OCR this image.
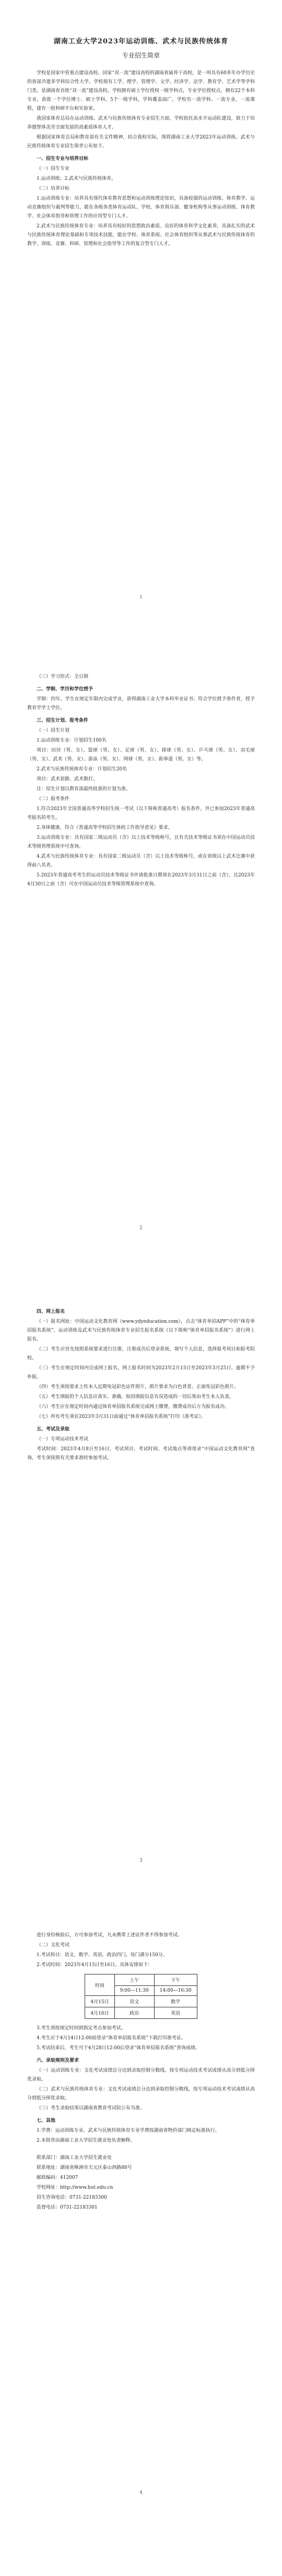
湖南工业大学2023年运动训练、武术与民族传统体育
专业招生简章

学校是国家中管重点建设高校、国家“双一流”建设高校的湖南省属骨干高校，是一所具有60多年办学历史的省部共建多学科综合性大学。学校现有工学、理学、管理学、文学、经济学、法学、教育学、艺术学等学科门类，是湖南省首批“双一流”建设高校，学校拥有硕士学位授权一级学科点，专业学位授权点，拥有22个本科专业，获批一个学位博士、硕士学科，5个一级学科，学科覆盖面广，学校有一流学科、一流专业、一流课程，建有一批科研平台和实验室。

我国家体育总局在运动训练、武术与民族传统体育专业招生方面，学校依托高水平运动队建设，致力于培养德智体美劳全面发展的高素质体育人才。

根据国家体育总局和教育部有关文件精神，结合我校实际，现将湖南工业大学2023年运动训练、武术与民族传统体育专业招生简章公布如下。

一、招生专业与培养目标
（一）招生专业

1.运动训练；2.武术与民族传统体育。

（二）培养目标

1.运动训练专业：培养具有现代体育教育思想和运动训练理论知识，具备较强的运动训练、体育教学、运动竞赛组织与裁判等能力，能在各级各类体育运动队、学校、体育俱乐部、健身机构等从事运动训练、体育教学、社会体育指导和管理工作的应用型专门人才。

2.武术与民族传统体育专业：培养具有较好的思想政治素质、良好的体育科学文化素养，具备扎实的武术与民族传统体育理论基础和专项技术技能，能在学校、体育系统、社会体育组织等从事武术与民族传统体育的教学、训练、竞赛、科研、管理和社会指导等工作的复合型专门人才。

1
（三）学习形式：全日制
二、学制、学历和学位授予

学制：四年。学生在规定年限内完成学业，获得湖南工业大学本科毕业证书；符合学位授予条件者，授予教育学学士学位。

三、招生计划、报考条件
（一）招生计划

1.运动训练专业：计划招生100名

项目：田径（男、女）、篮球（男、女）、足球（男、女）、排球（男、女）、乒乓球（男、女）、羽毛球（男、女）、武术（男、女）、游泳（男、女）、网球（男、女）、跆拳道（男、女）等。

2.武术与民族传统体育专业：计划招生20名

项目：武术套路、武术散打。

注：招生计划以教育部最终批准的计划为准。

（二）报考条件

1.符合2023年全国普通高等学校招生统一考试（以下简称普通高考）报名条件，并已参加2023年普通高考报名的考生。

2.身体健康，符合《普通高等学校招生体检工作指导意见》要求。

3.运动训练专业：具有国家二级运动员（含）以上技术等级称号，且有关技术等级证书须在中国运动员技术等级管理系统中可查询。

4.武术与民族传统体育专业：具有国家二级运动员（含）以上技术等级称号，或在省级以上武术比赛中获得前八名者。

5.2023年普通高考考生的运动员技术等级证书申请批准日期须在2023年3月31日之前（含），且2023年4月30日之前（含）可在中国运动员技术等级管理系统中查询。

2
四、网上报名

（一）报名网址：中国运动文化教育网（www.ydyeducation.com），点击“体育单招APP”中的“体育单招报名系统”，运动训练及武术与民族传统体育专业招生报名系统（以下简称“体育单招报名系统”）进行网上报名。

（二）考生应首先按照系统要求进行注册，注册成功后登录系统，填写个人信息，选择报考项目和报考院校。

（三）考生在规定时间内完成网上报名，网上报名时间为2023年2月15日至2023年3月25日。逾期不予补报。

（四）考生须按要求上传本人近期免冠彩色证件照片，照片要求为白色背景、正面免冠彩色照片。

（五）考生填报的个人信息应真实、准确，如因填报信息有误造成的一切后果由考生本人负责。

（六）考生应在规定时间内通过体育单招报名系统完成网上缴费，缴费成功后方为报名成功。

（七）所有考生须在2023年3月31日前通过“体育单招报名系统”打印《准考证》。

五、考试及录取
（一）专项运动技术考试

考试时间：2023年4月8日至16日。考试项目、考试时间、考试地点等请登录“中国运动文化教育网”查询，考生须按照有关要求准时参加考试。

3

进行身份核验后，方可参加考试，凡未携带上述证件者不得参加考试。

（二）文化考试

1.考试科目：语文、数学、英语、政治四门，每门满分150分。

2.考试时间：2023年4月15日至16日。具体安排如下：

时间	上午	下午
	9:00—11:30	14:00—16:30
4月15日	语文	数学
4月16日	政治	英语

3.考生须按规定时间到指定考点参加考试。

4.考生应于4月14日12:00前登录“体育单招报名系统”下载打印准考证。

5.考试结束后，考生可于4月28日12:00后登录“体育单招报名系统”查询成绩。

六、录取规则及要求

（一）运动训练专业：文化考试成绩总分达到录取控制分数线，按专项运动技术考试成绩从高分到低分择优录取。

（二）武术与民族传统体育专业：文化考试成绩总分达到录取控制分数线，按专项运动技术考试成绩从高分到低分择优录取。

（三）考生录取结果以湖南省教育考试院公布为准。

七、其他

1.学费：运动训练专业、武术与民族传统体育专业学费按湖南省物价部门核定标准执行。

2.本简章由湖南工业大学招生就业处负责解释。

联系部门：湖南工业大学招生就业处

联系地址：湖南省株洲市天元区泰山西路88号

邮政编码：412007

学校网址：http://www.hut.edu.cn

招生咨询电话：0731-22183300

监督电话：0731-22183301

4
